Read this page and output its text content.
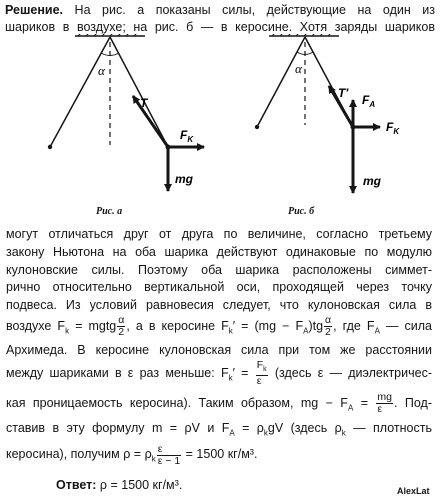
Решение. На рис. а показаны силы, действующие на один из
шариков в воздухе; на рис. б — в керосине. Хотя заряды шариков
α
T
$F_K$
mg
α
T′ $F_A$
$F_K$
mg
Рис. а	Рис. б
могут отличаться друг от друга по величине, согласно третьему
закону Ньютона на оба шарика действуют одинаковые по модулю
кулоновские силы. Поэтому оба шарика расположены симмет-
рично относительно вертикальной оси, проходящей через точку
подвеса. Из условий равновесия следует, что кулоновская сила в
воздухе $F_k$ = mgtg $\frac{\alpha}{2}$ , а в керосине $F_k' = (mg - F_A)tg \frac{\alpha}{2}$ , где $F_A$ — сила
Архимеда. В керосине кулоновская сила при том же расстоянии
между шариками в ε раз меньше: $F_k' = \frac{F_k}{\varepsilon}$ (здесь ε — диэлектричес-
кая проницаемость керосина). Таким образом, mg − $F_A = \frac{mg}{\varepsilon}$ . Под-
ставив в эту формулу m = ρV и $F_A = \rho_kgV$ (здесь $\rho_k$ — плотность
керосина), получим $\rho = \rho_k \frac{\varepsilon}{\varepsilon - 1} = 1500$ кг/м³.
Ответ: ρ = 1500 кг/м³.	AlexLat
